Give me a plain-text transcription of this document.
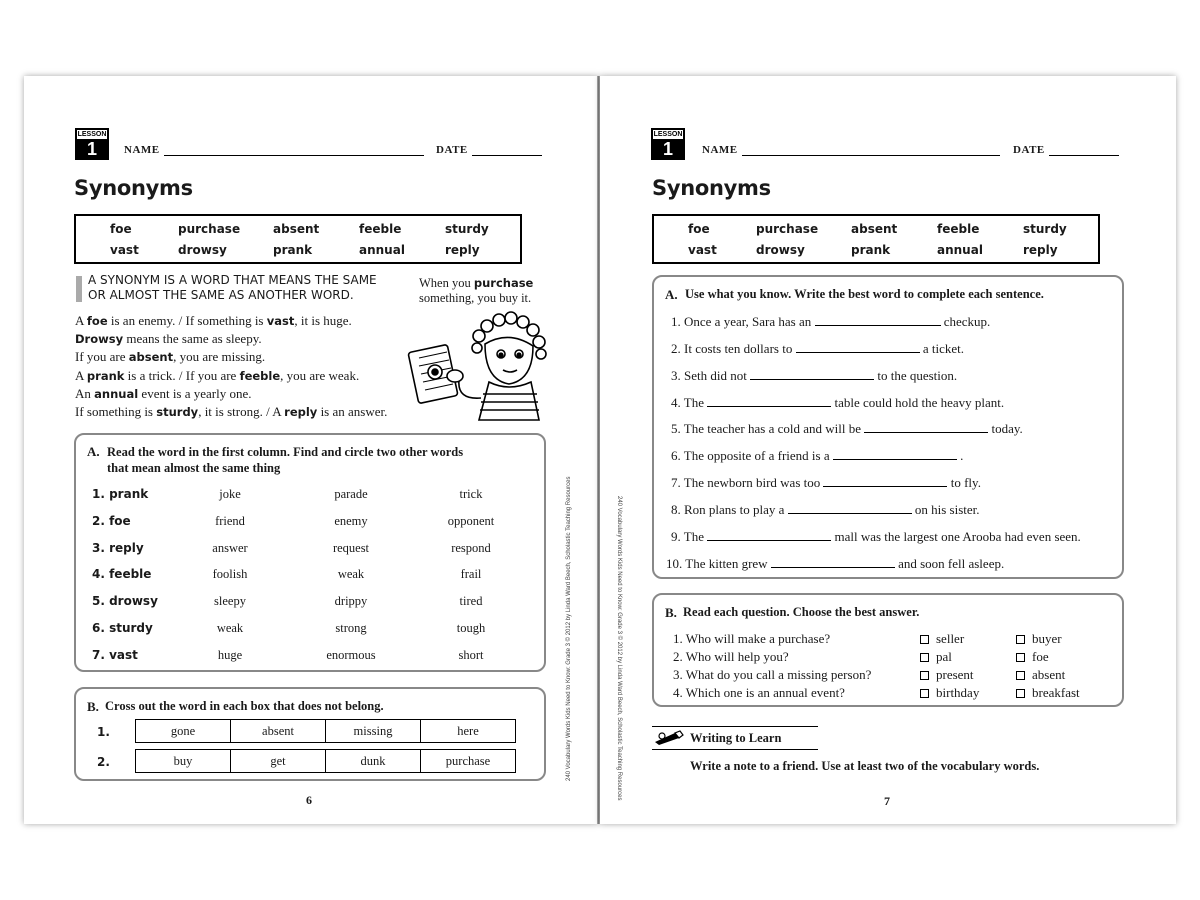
LESSON
1	NAME	DATE
Synonyms
foe	purchase	absent	feeble	sturdy
vast	drowsy	prank	annual	reply
A SYNONYM IS A WORD THAT MEANS THE SAME
OR ALMOST THE SAME AS ANOTHER WORD.
When you purchase
something, you buy it.
A foe is an enemy. / If something is vast, it is huge.
Drowsy means the same as sleepy.
If you are absent, you are missing.
A prank is a trick. / If you are feeble, you are weak.
An annual event is a yearly one.
If something is sturdy, it is strong. / A reply is an answer.
A. Read the word in the first column. Find and circle two other words
that mean almost the same thing
1. prank	joke	parade	trick
2. foe	friend	enemy	opponent
3. reply	answer	request	respond
4. feeble	foolish	weak	frail
5. drowsy	sleepy	drippy	tired
6. sturdy	weak	strong	tough
7. vast	huge	enormous	short
B. Cross out the word in each box that does not belong.
1.	gone	absent	missing	here
2.	buy	get	dunk	purchase
6
240 Vocabulary Words Kids Need to Know: Grade 3 © 2012 by Linda Ward Beech, Scholastic Teaching Resources	240 Vocabulary Words Kids Need to Know: Grade 3 © 2012 by Linda Ward Beech, Scholastic Teaching Resources
LESSON
1	NAME	DATE
Synonyms
foe	purchase	absent	feeble	sturdy
vast	drowsy	prank	annual	reply
A. Use what you know. Write the best word to complete each sentence.
1. Once a year, Sara has an	checkup.
2. It costs ten dollars to	a ticket.
3. Seth did not	to the question.
4. The	table could hold the heavy plant.
5. The teacher has a cold and will be	today.
6. The opposite of a friend is a	.
7. The newborn bird was too	to fly.
8. Ron plans to play a	on his sister.
9. The	mall was the largest one Arooba had even seen.
10. The kitten grew	and soon fell asleep.
B. Read each question. Choose the best answer.
1. Who will make a purchase?	seller	buyer
2. Who will help you?	pal	foe
3. What do you call a missing person?	present	absent
4. Which one is an annual event?	birthday	breakfast
Writing to Learn
Write a note to a friend. Use at least two of the vocabulary words.
7
